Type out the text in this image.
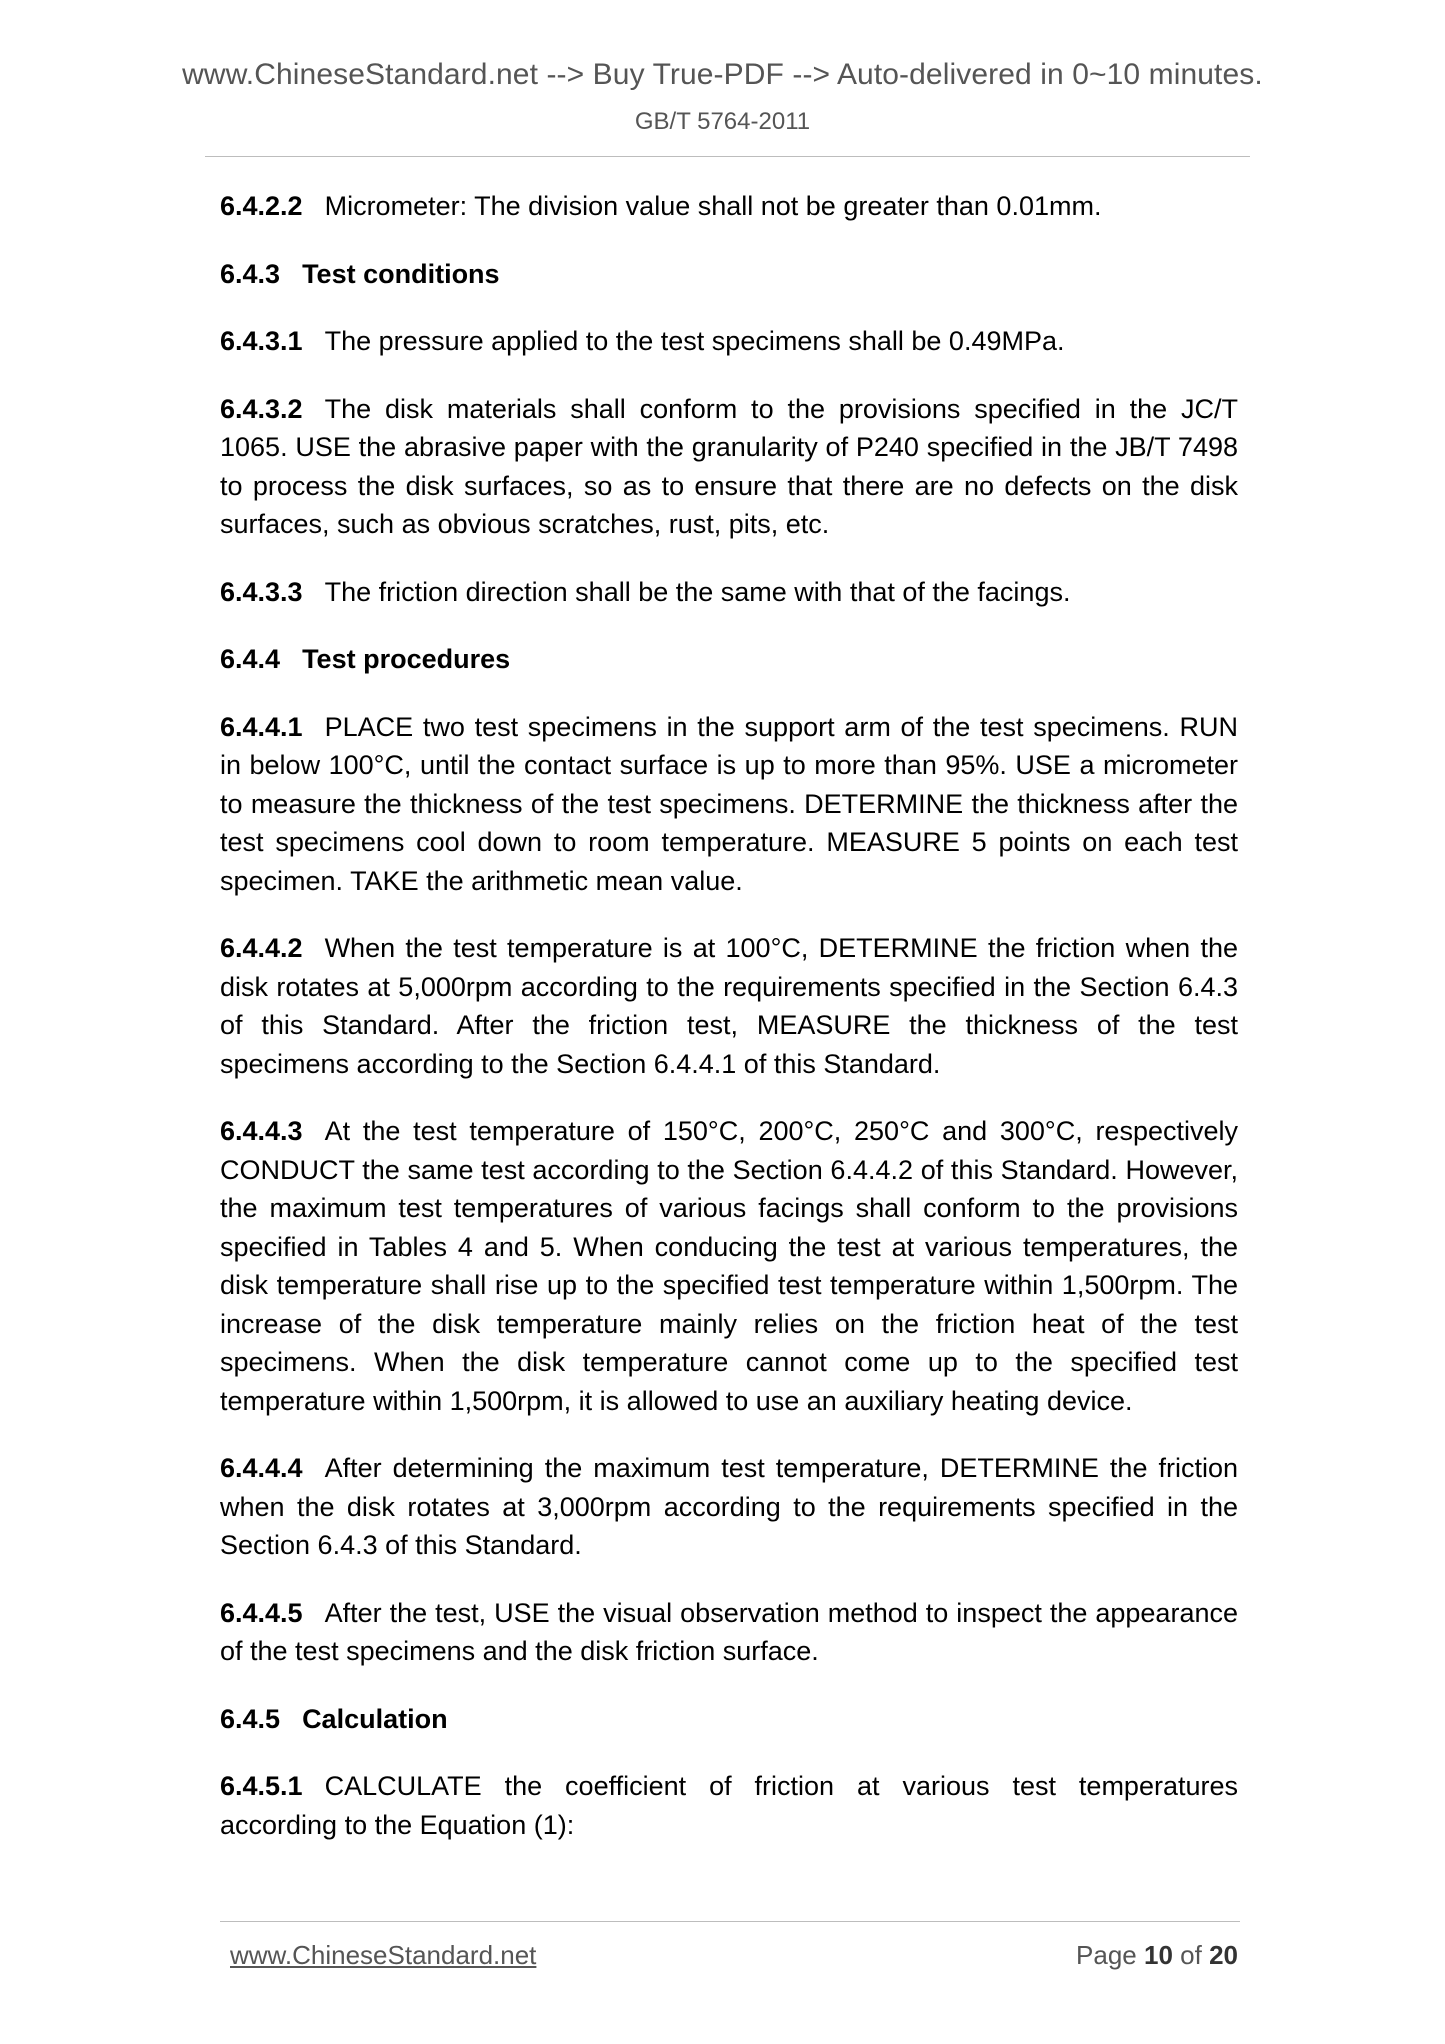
www.ChineseStandard.net --> Buy True-PDF --> Auto-delivered in 0~10 minutes.
GB/T 5764-2011

6.4.2.2 Micrometer: The division value shall not be greater than 0.01mm.

6.4.3 Test conditions

6.4.3.1 The pressure applied to the test specimens shall be 0.49MPa.

6.4.3.2 The disk materials shall conform to the provisions specified in the JC/T 1065. USE the abrasive paper with the granularity of P240 specified in the JB/T 7498 to process the disk surfaces, so as to ensure that there are no defects on the disk surfaces, such as obvious scratches, rust, pits, etc.

6.4.3.3 The friction direction shall be the same with that of the facings.

6.4.4 Test procedures

6.4.4.1 PLACE two test specimens in the support arm of the test specimens. RUN in below 100°C, until the contact surface is up to more than 95%. USE a micrometer to measure the thickness of the test specimens. DETERMINE the thickness after the test specimens cool down to room temperature. MEASURE 5 points on each test specimen. TAKE the arithmetic mean value.

6.4.4.2 When the test temperature is at 100°C, DETERMINE the friction when the disk rotates at 5,000rpm according to the requirements specified in the Section 6.4.3 of this Standard. After the friction test, MEASURE the thickness of the test specimens according to the Section 6.4.4.1 of this Standard.

6.4.4.3 At the test temperature of 150°C, 200°C, 250°C and 300°C, respectively CONDUCT the same test according to the Section 6.4.4.2 of this Standard. However, the maximum test temperatures of various facings shall conform to the provisions specified in Tables 4 and 5. When conducing the test at various temperatures, the disk temperature shall rise up to the specified test temperature within 1,500rpm. The increase of the disk temperature mainly relies on the friction heat of the test specimens. When the disk temperature cannot come up to the specified test temperature within 1,500rpm, it is allowed to use an auxiliary heating device.

6.4.4.4 After determining the maximum test temperature, DETERMINE the friction when the disk rotates at 3,000rpm according to the requirements specified in the Section 6.4.3 of this Standard.

6.4.4.5 After the test, USE the visual observation method to inspect the appearance of the test specimens and the disk friction surface.

6.4.5 Calculation

6.4.5.1 CALCULATE the coefficient of friction at various test temperatures according to the Equation (1):

www.ChineseStandard.net	Page 10 of 20
